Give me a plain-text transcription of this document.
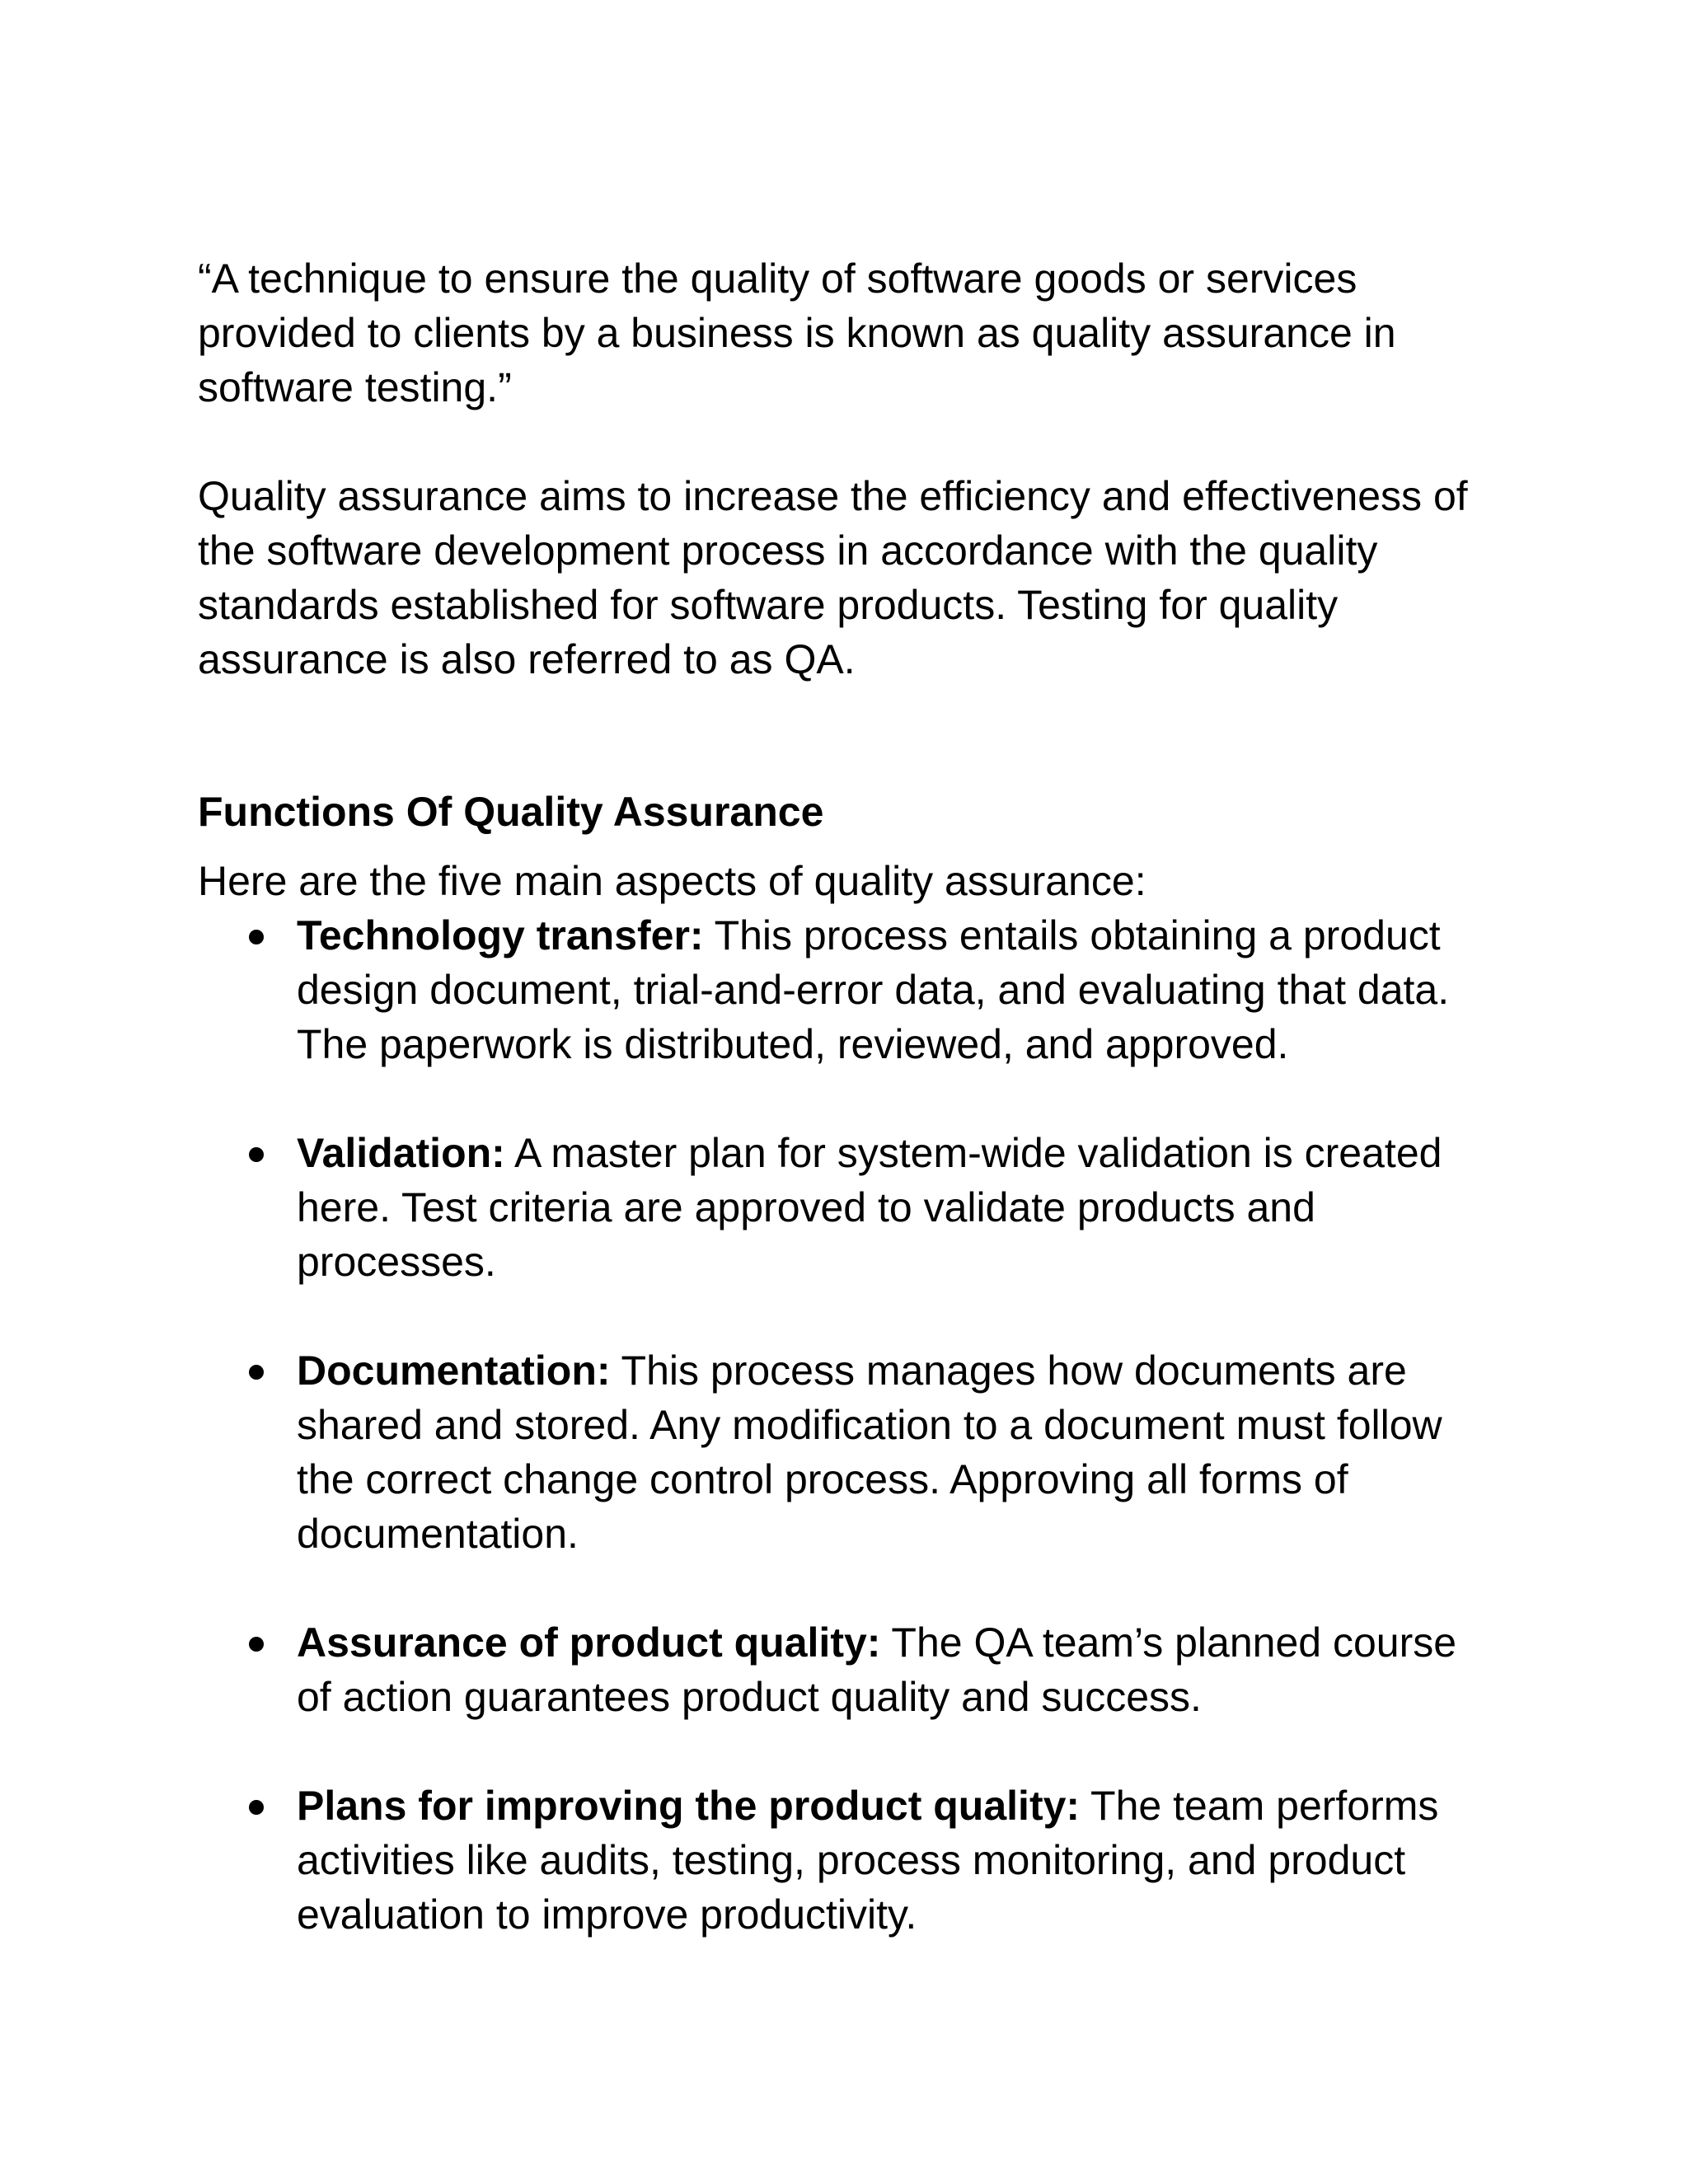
“A technique to ensure the quality of software goods or services provided to clients by a business is known as quality assurance in software testing.”

Quality assurance aims to increase the efficiency and effectiveness of the software development process in accordance with the quality standards established for software products. Testing for quality assurance is also referred to as QA.

Functions Of Quality Assurance

Here are the five main aspects of quality assurance:

Technology transfer: This process entails obtaining a product design document, trial-and-error data, and evaluating that data. The paperwork is distributed, reviewed, and approved.
Validation: A master plan for system-wide validation is created here. Test criteria are approved to validate products and processes.
Documentation: This process manages how documents are shared and stored. Any modification to a document must follow the correct change control process. Approving all forms of documentation.
Assurance of product quality: The QA team’s planned course of action guarantees product quality and success.
Plans for improving the product quality: The team performs activities like audits, testing, process monitoring, and product evaluation to improve productivity.
